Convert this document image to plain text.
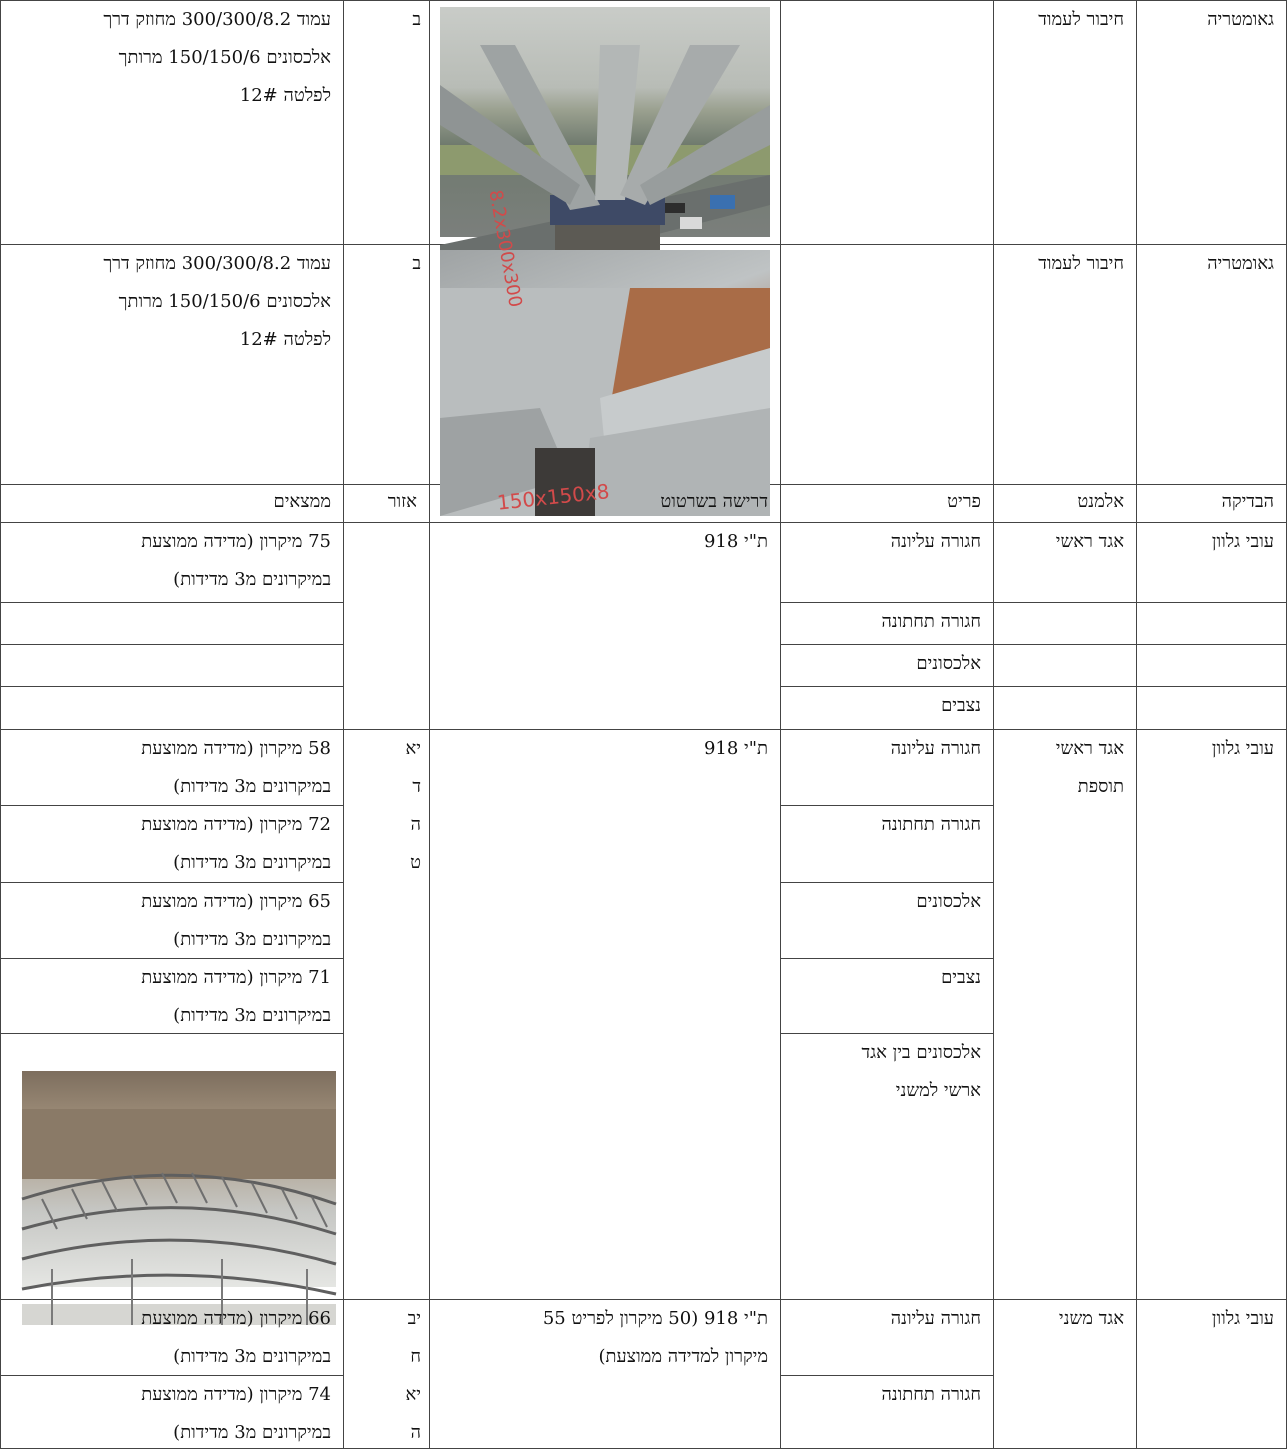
גאומטריה
חיבור לעמוד

ב
עמוד 300/300/8.2 מחוזק דרך
אלכסונים 150/150/6 מרותך
לפלטה 12#
גאומטריה
חיבור לעמוד

150x150x8
8.2x300x300

ב
עמוד 300/300/8.2 מחוזק דרך
אלכסונים 150/150/6 מרותך
לפלטה 12#
הבדיקה
אלמנט
פריט
דרישה בשרטוט
אזור
ממצאים
עובי גלוון
אגד ראשי
חגורה עליונה
חגורה תחתונה
אלכסונים
נצבים
ת"י 918
75 מיקרון (מדידה ממוצעת
במיקרונים מ3 מדידות)
עובי גלוון
אגד ראשי
תוספת
חגורה עליונה
חגורה תחתונה
אלכסונים
נצבים
אלכסונים בין אגד
ארשי למשני
ת"י 918
יא
ד
ה
ט
58 מיקרון (מדידה ממוצעת
במיקרונים מ3 מדידות)
72 מיקרון (מדידה ממוצעת
במיקרונים מ3 מדידות)
65 מיקרון (מדידה ממוצעת
במיקרונים מ3 מדידות)
71 מיקרון (מדידה ממוצעת
במיקרונים מ3 מדידות)

עובי גלוון
אגד משני
חגורה עליונה
חגורה תחתונה
ת"י 918 (50 מיקרון לפריט 55
מיקרון למדידה ממוצעת)
יב
ח
יא
ה
66 מיקרון (מדידה ממוצעת
במיקרונים מ3 מדידות)
74 מיקרון (מדידה ממוצעת
במיקרונים מ3 מדידות)
